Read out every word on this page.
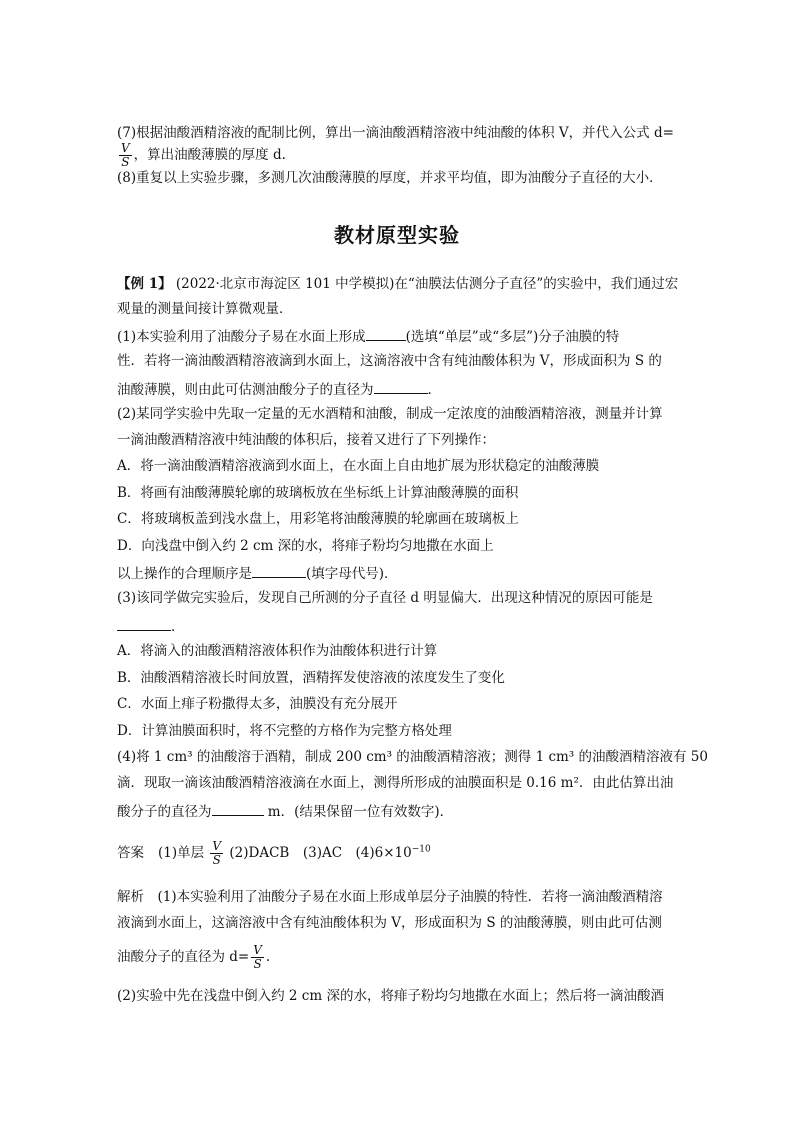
(7)根据油酸酒精溶液的配制比例，算出一滴油酸酒精溶液中纯油酸的体积 V，并代入公式 d=
$\frac{V}{S}$ ，算出油酸薄膜的厚度 d.
(8)重复以上实验步骤，多测几次油酸薄膜的厚度，并求平均值，即为油酸分子直径的大小．
教材原型实验
【例 1】 (2022·北京市海淀区 101 中学模拟)在“油膜法估测分子直径”的实验中，我们通过宏
观量的测量间接计算微观量．
(1)本实验利用了油酸分子易在水面上形成	(选填“单层”或“多层”)分子油膜的特
性．若将一滴油酸酒精溶液滴到水面上，这滴溶液中含有纯油酸体积为 V，形成面积为 S 的
油酸薄膜，则由此可估测油酸分子的直径为	．
(2)某同学实验中先取一定量的无水酒精和油酸，制成一定浓度的油酸酒精溶液，测量并计算
一滴油酸酒精溶液中纯油酸的体积后，接着又进行了下列操作：
A．将一滴油酸酒精溶液滴到水面上，在水面上自由地扩展为形状稳定的油酸薄膜
B．将画有油酸薄膜轮廓的玻璃板放在坐标纸上计算油酸薄膜的面积
C．将玻璃板盖到浅水盘上，用彩笔将油酸薄膜的轮廓画在玻璃板上
D．向浅盘中倒入约 2 cm 深的水，将痱子粉均匀地撒在水面上
以上操作的合理顺序是	(填字母代号)．
(3)该同学做完实验后，发现自己所测的分子直径 d 明显偏大．出现这种情况的原因可能是
．
A．将滴入的油酸酒精溶液体积作为油酸体积进行计算
B．油酸酒精溶液长时间放置，酒精挥发使溶液的浓度发生了变化
C．水面上痱子粉撒得太多，油膜没有充分展开
D．计算油膜面积时，将不完整的方格作为完整方格处理
(4)将 1 cm³ 的油酸溶于酒精，制成 200 cm³ 的油酸酒精溶液；测得 1 cm³ 的油酸酒精溶液有 50
滴．现取一滴该油酸酒精溶液滴在水面上，测得所形成的油膜面积是 0.16 m²．由此估算出油
酸分子的直径为	m．(结果保留一位有效数字)．
答案 (1)单层 $\frac{V}{S}$ (2)DACB　(3)AC　$(4)6\times 10^{-10}$
解析　(1)本实验利用了油酸分子易在水面上形成单层分子油膜的特性．若将一滴油酸酒精溶
液滴到水面上，这滴溶液中含有纯油酸体积为 V，形成面积为 S 的油酸薄膜，则由此可估测
油酸分子的直径为 $d= \frac{V}{S}$ .
(2)实验中先在浅盘中倒入约 2 cm 深的水，将痱子粉均匀地撒在水面上；然后将一滴油酸酒
